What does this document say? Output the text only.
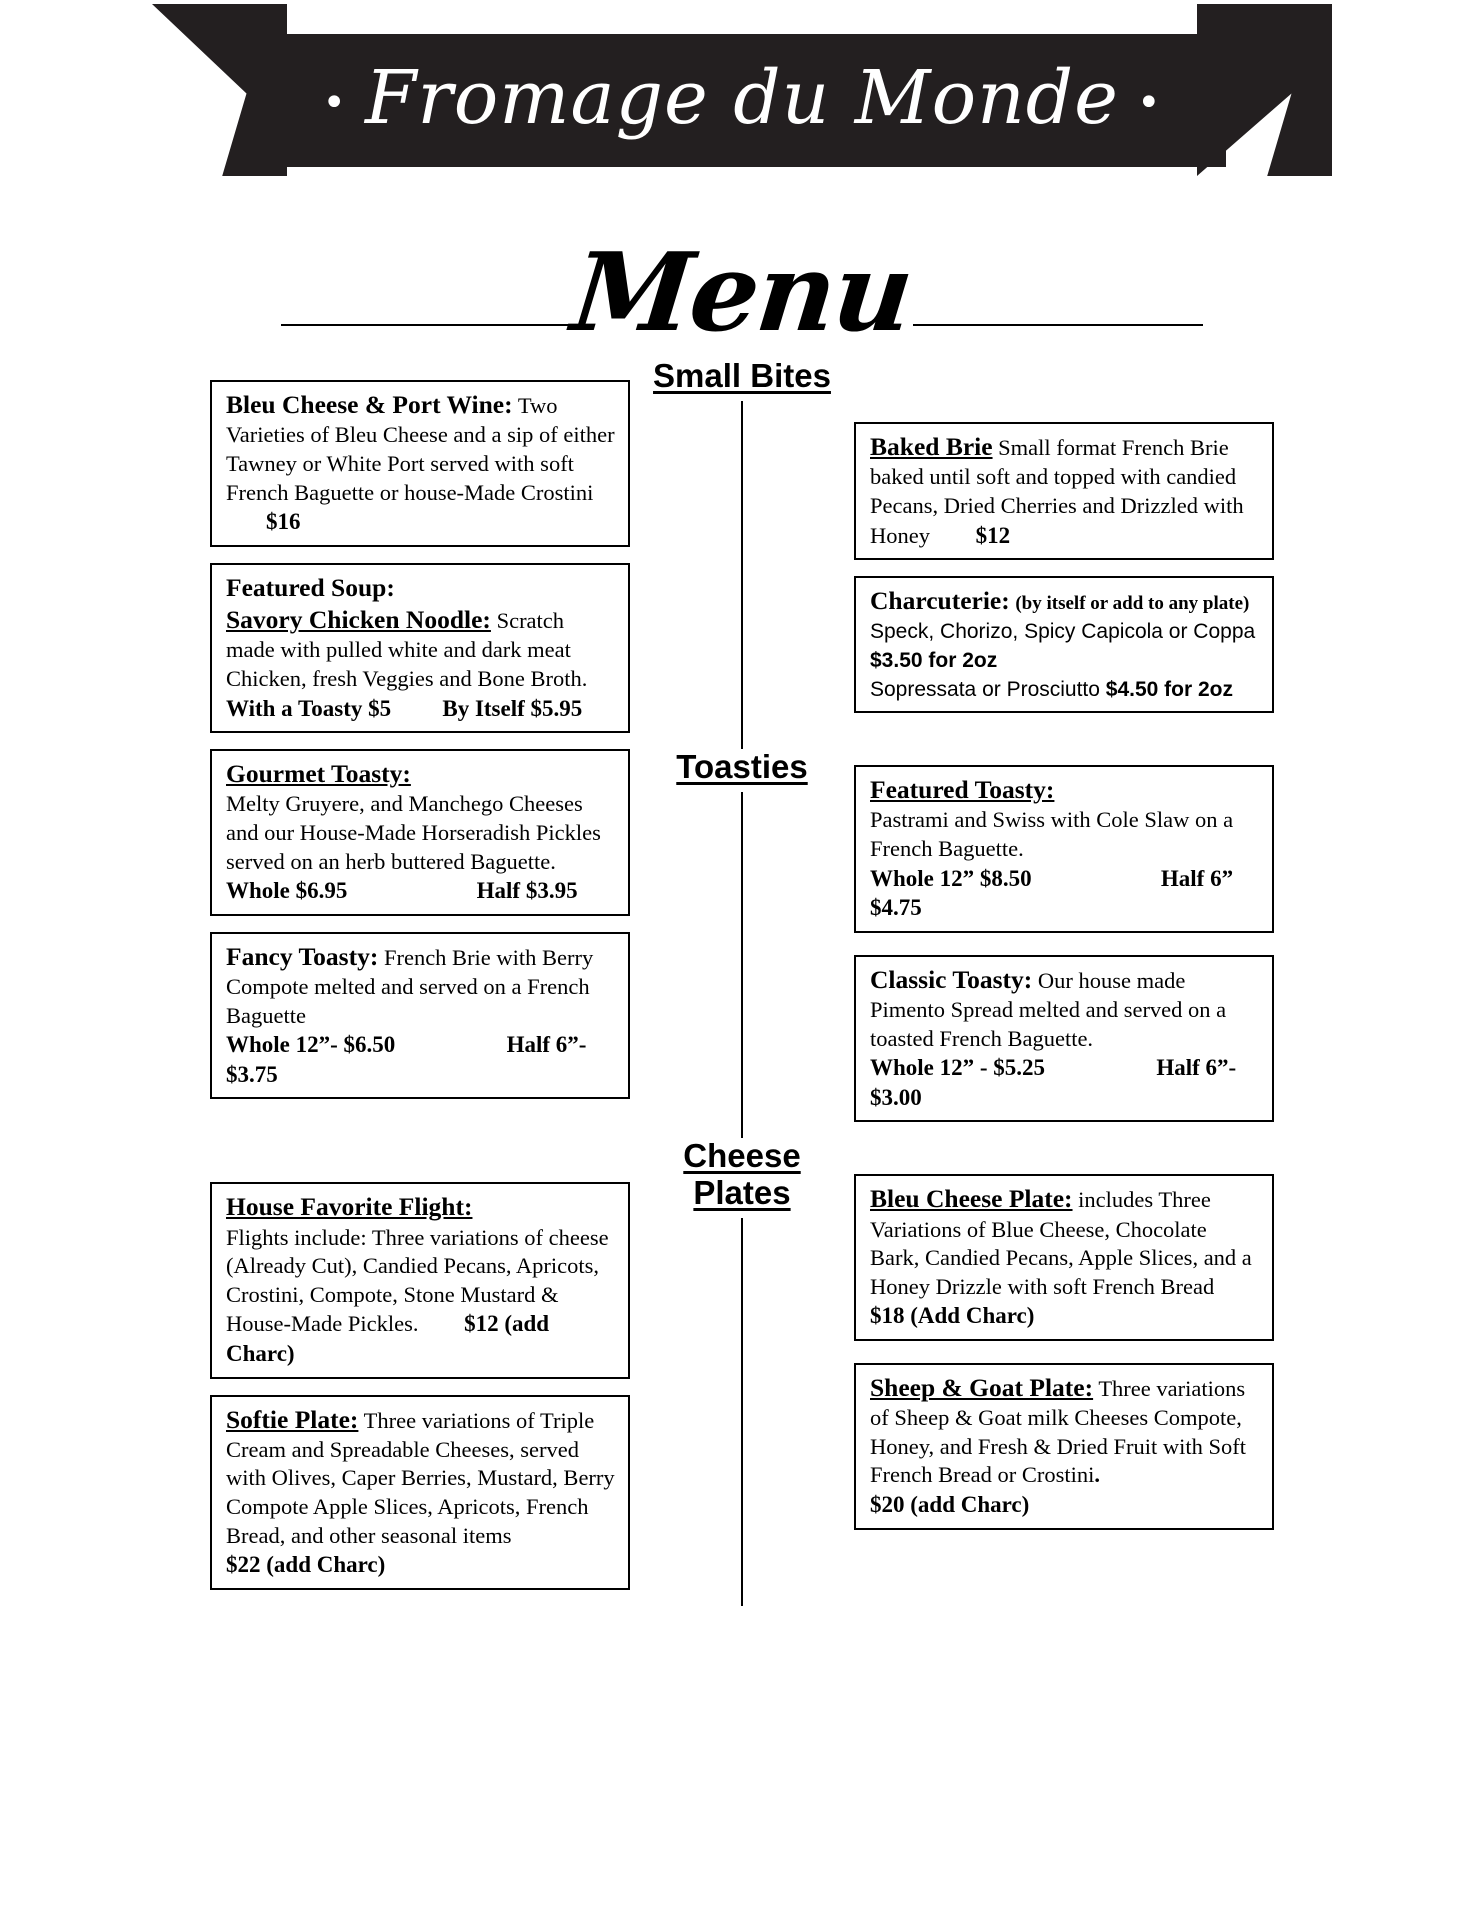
• Fromage du Monde •
Menu

Bleu Cheese & Port Wine: Two Varieties of Bleu Cheese and a sip of either Tawney or White Port served with soft French Baguette or house-Made Crostini $16

Featured Soup:

Savory Chicken Noodle: Scratch made with pulled white and dark meat Chicken, fresh Veggies and Bone Broth.

With a Toasty $5 By Itself $5.95

Small Bites

Baked Brie Small format French Brie baked until soft and topped with candied Pecans, Dried Cherries and Drizzled with Honey $12

Charcuterie: (by itself or add to any plate)

Speck, Chorizo, Spicy Capicola or Coppa

$3.50 for 2oz

Sopressata or Prosciutto $4.50 for 2oz

Gourmet Toasty:

Melty Gruyere, and Manchego Cheeses and our House-Made Horseradish Pickles served on an herb buttered Baguette.

Whole $6.95	Half $3.95

Fancy Toasty: French Brie with Berry Compote melted and served on a French Baguette

Whole 12”- $6.50	Half 6”- $3.75

Toasties

Featured Toasty:

Pastrami and Swiss with Cole Slaw on a French Baguette.

Whole 12” $8.50	Half 6” $4.75

Classic Toasty: Our house made Pimento Spread melted and served on a toasted French Baguette.

Whole 12” - $5.25	Half 6”- $3.00

House Favorite Flight:

Flights include: Three variations of cheese (Already Cut), Candied Pecans, Apricots, Crostini, Compote, Stone Mustard & House-Made Pickles. $12 (add Charc)

Softie Plate: Three variations of Triple Cream and Spreadable Cheeses, served with Olives, Caper Berries, Mustard, Berry Compote Apple Slices, Apricots, French Bread, and other seasonal items

$22 (add Charc)

Cheese
Plates	Bleu Cheese Plate: includes Three Variations of Blue Cheese, Chocolate Bark, Candied Pecans, Apple Slices, and a Honey Drizzle with soft French Bread

$18 (Add Charc)

Sheep & Goat Plate: Three variations of Sheep & Goat milk Cheeses Compote, Honey, and Fresh & Dried Fruit with Soft French Bread or Crostini.

$20 (add Charc)
